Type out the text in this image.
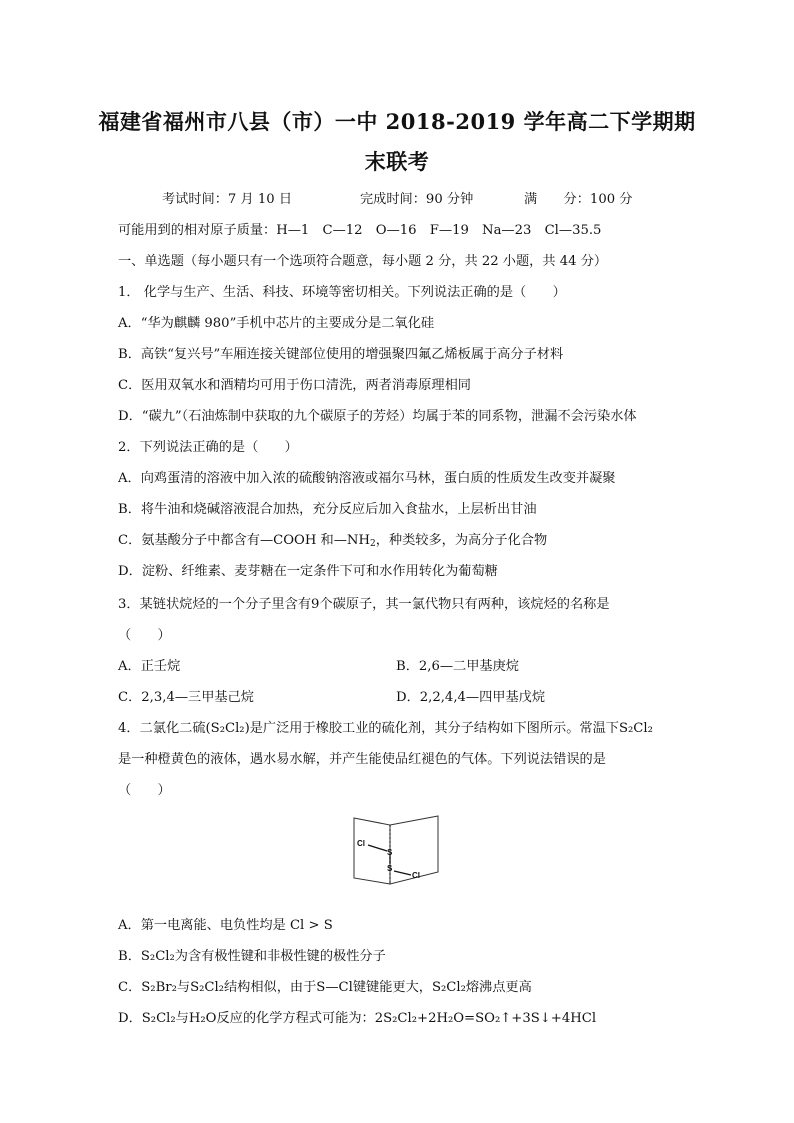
福建省福州市八县（市）一中 2018-2019 学年高二下学期期
末联考
考试时间：7 月 10 日	完成时间：90 分钟	满　　分：100 分
可能用到的相对原子质量：H—1　C—12　O—16　F—19　Na—23　Cl—35.5
一、单选题（每小题只有一个选项符合题意，每小题 2 分，共 22 小题，共 44 分）
1． 化学与生产、生活、科技、环境等密切相关。下列说法正确的是（　　）
A．“华为麒麟 980”手机中芯片的主要成分是二氧化硅
B．高铁“复兴号”车厢连接关键部位使用的增强聚四氟乙烯板属于高分子材料
C．医用双氧水和酒精均可用于伤口清洗，两者消毒原理相同
D．“碳九”（石油炼制中获取的九个碳原子的芳烃）均属于苯的同系物，泄漏不会污染水体
2．下列说法正确的是（　　）
A．向鸡蛋清的溶液中加入浓的硫酸钠溶液或福尔马林，蛋白质的性质发生改变并凝聚
B．将牛油和烧碱溶液混合加热，充分反应后加入食盐水，上层析出甘油
C．氨基酸分子中都含有—COOH 和$—NH_2$，种类较多，为高分子化合物
D．淀粉、纤维素、麦芽糖在一定条件下可和水作用转化为葡萄糖
3．某链状烷烃的一个分子里含有9个碳原子，其一氯代物只有两种，该烷烃的名称是
（　　）
A．正壬烷	B．2,6—二甲基庚烷
C．2,3,4—三甲基己烷	D．2,2,4,4—四甲基戊烷
4．二氯化二硫(S₂Cl₂)是广泛用于橡胶工业的硫化剂，其分子结构如下图所示。常温下S₂Cl₂
是一种橙黄色的液体，遇水易水解，并产生能使品红褪色的气体。下列说法错误的是
（　　）
Cl
S
S
Cl
A．第一电离能、电负性均是 Cl > S
B．S₂Cl₂为含有极性键和非极性键的极性分子
C．S₂Br₂与S₂Cl₂结构相似，由于S—Cl键键能更大，S₂Cl₂熔沸点更高
D．S₂Cl₂与H₂O反应的化学方程式可能为：2S₂Cl₂+2H₂O=SO₂↑+3S↓+4HCl
